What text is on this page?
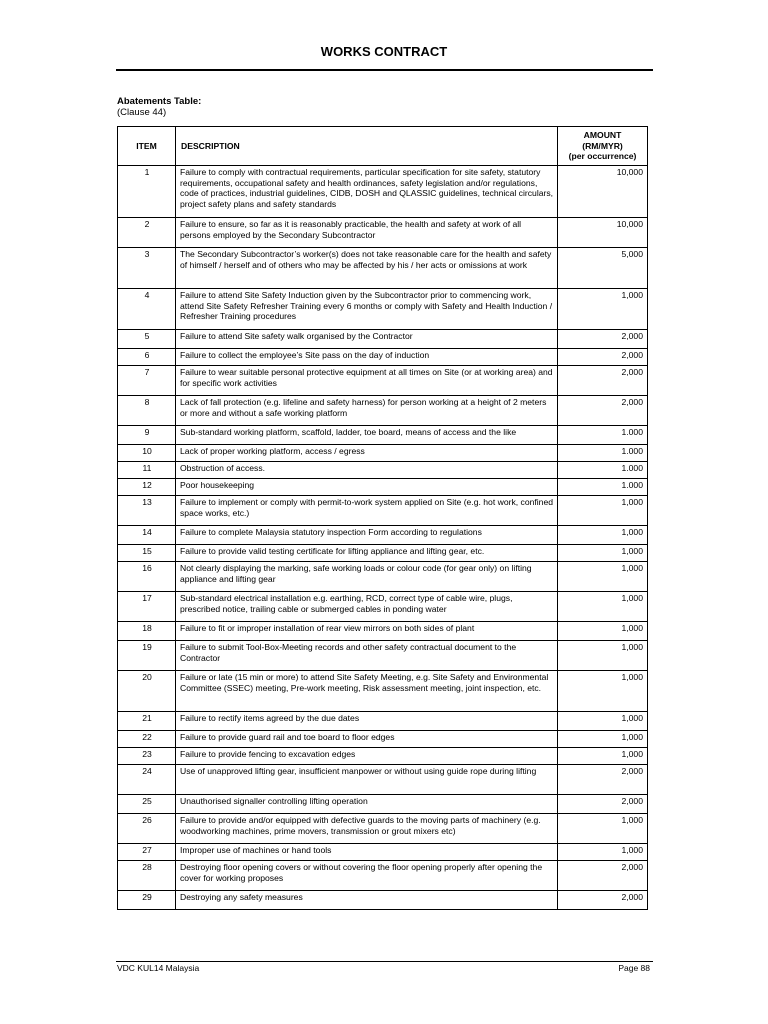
WORKS CONTRACT
Abatements Table:
(Clause 44)
ITEM	DESCRIPTION	AMOUNT
(RM/MYR)
(per occurrence)

1	Failure to comply with contractual requirements, particular specification for site safety, statutory requirements, occupational safety and health ordinances, safety legislation and/or regulations, code of practices, industrial guidelines, CIDB, DOSH and QLASSIC guidelines, technical circulars, project safety plans and safety standards	10,000
2	Failure to ensure, so far as it is reasonably practicable, the health and safety at work of all persons employed by the Secondary Subcontractor	10,000
3	The Secondary Subcontractor’s worker(s) does not take reasonable care for the health and safety of himself / herself and of others who may be affected by his / her acts or omissions at work	5,000
4	Failure to attend Site Safety Induction given by the Subcontractor prior to commencing work, attend Site Safety Refresher Training every 6 months or comply with Safety and Health Induction / Refresher Training procedures	1,000
5	Failure to attend Site safety walk organised by the Contractor	2,000
6	Failure to collect the employee’s Site pass on the day of induction	2,000
7	Failure to wear suitable personal protective equipment at all times on Site (or at working area) and for specific work activities	2,000
8	Lack of fall protection (e.g. lifeline and safety harness) for person working at a height of 2 meters or more and without a safe working platform	2,000
9	Sub-standard working platform, scaffold, ladder, toe board, means of access and the like	1.000
10	Lack of proper working platform, access / egress	1.000
11	Obstruction of access.	1.000
12	Poor housekeeping	1.000
13	Failure to implement or comply with permit-to-work system applied on Site (e.g. hot work, confined space works, etc.)	1,000
14	Failure to complete Malaysia statutory inspection Form according to regulations	1,000
15	Failure to provide valid testing certificate for lifting appliance and lifting gear, etc.	1,000
16	Not clearly displaying the marking, safe working loads or colour code (for gear only) on lifting appliance and lifting gear	1,000
17	Sub-standard electrical installation e.g. earthing, RCD, correct type of cable wire, plugs, prescribed notice, trailing cable or submerged cables in ponding water	1,000
18	Failure to fit or improper installation of rear view mirrors on both sides of plant	1,000
19	Failure to submit Tool-Box-Meeting records and other safety contractual document to the Contractor	1,000
20	Failure or late (15 min or more) to attend Site Safety Meeting, e.g. Site Safety and Environmental Committee (SSEC) meeting, Pre-work meeting, Risk assessment meeting, joint inspection, etc.	1,000
21	Failure to rectify items agreed by the due dates	1,000
22	Failure to provide guard rail and toe board to floor edges	1,000
23	Failure to provide fencing to excavation edges	1,000
24	Use of unapproved lifting gear, insufficient manpower or without using guide rope during lifting	2,000
25	Unauthorised signaller controlling lifting operation	2,000
26	Failure to provide and/or equipped with defective guards to the moving parts of machinery (e.g. woodworking machines, prime movers, transmission or grout mixers etc)	1,000
27	Improper use of machines or hand tools	1,000
28	Destroying floor opening covers or without covering the floor opening properly after opening the cover for working proposes	2,000
29	Destroying any safety measures	2,000
VDC KUL14 Malaysia	Page 88
